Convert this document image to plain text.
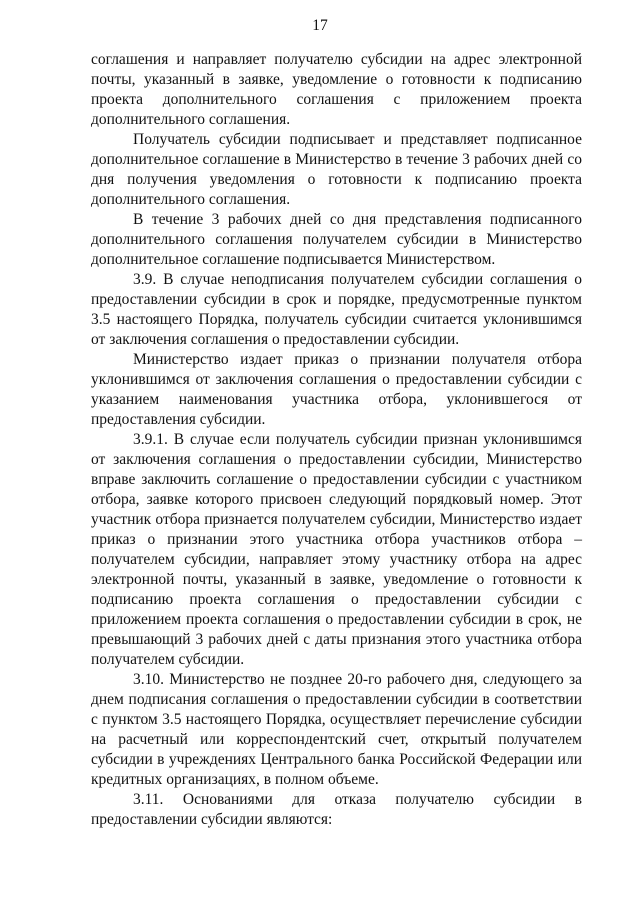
17

соглашения и направляет получателю субсидии на адрес электронной почты, указанный в заявке, уведомление о готовности к подписанию проекта дополнительного соглашения с приложением проекта дополнительного соглашения.

Получатель субсидии подписывает и представляет подписанное дополнительное соглашение в Министерство в течение 3 рабочих дней со дня получения уведомления о готовности к подписанию проекта дополнительного соглашения.

В течение 3 рабочих дней со дня представления подписанного дополнительного соглашения получателем субсидии в Министерство дополнительное соглашение подписывается Министерством.

3.9. В случае неподписания получателем субсидии соглашения о предоставлении субсидии в срок и порядке, предусмотренные пунктом 3.5 настоящего Порядка, получатель субсидии считается уклонившимся от заключения соглашения о предоставлении субсидии.

Министерство издает приказ о признании получателя отбора уклонившимся от заключения соглашения о предоставлении субсидии с указанием наименования участника отбора, уклонившегося от предоставления субсидии.

3.9.1. В случае если получатель субсидии признан уклонившимся от заключения соглашения о предоставлении субсидии, Министерство вправе заключить соглашение о предоставлении субсидии с участником отбора, заявке которого присвоен следующий порядковый номер. Этот участник отбора признается получателем субсидии, Министерство издает приказ о признании этого участника отбора участников отбора – получателем субсидии, направляет этому участнику отбора на адрес электронной почты, указанный в заявке, уведомление о готовности к подписанию проекта соглашения о предоставлении субсидии с приложением проекта соглашения о предоставлении субсидии в срок, не превышающий 3 рабочих дней с даты признания этого участника отбора получателем субсидии.

3.10. Министерство не позднее 20-го рабочего дня, следующего за днем подписания соглашения о предоставлении субсидии в соответствии с пунктом 3.5 настоящего Порядка, осуществляет перечисление субсидии на расчетный или корреспондентский счет, открытый получателем субсидии в учреждениях Центрального банка Российской Федерации или кредитных организациях, в полном объеме.

3.11. Основаниями для отказа получателю субсидии в предоставлении субсидии являются:
